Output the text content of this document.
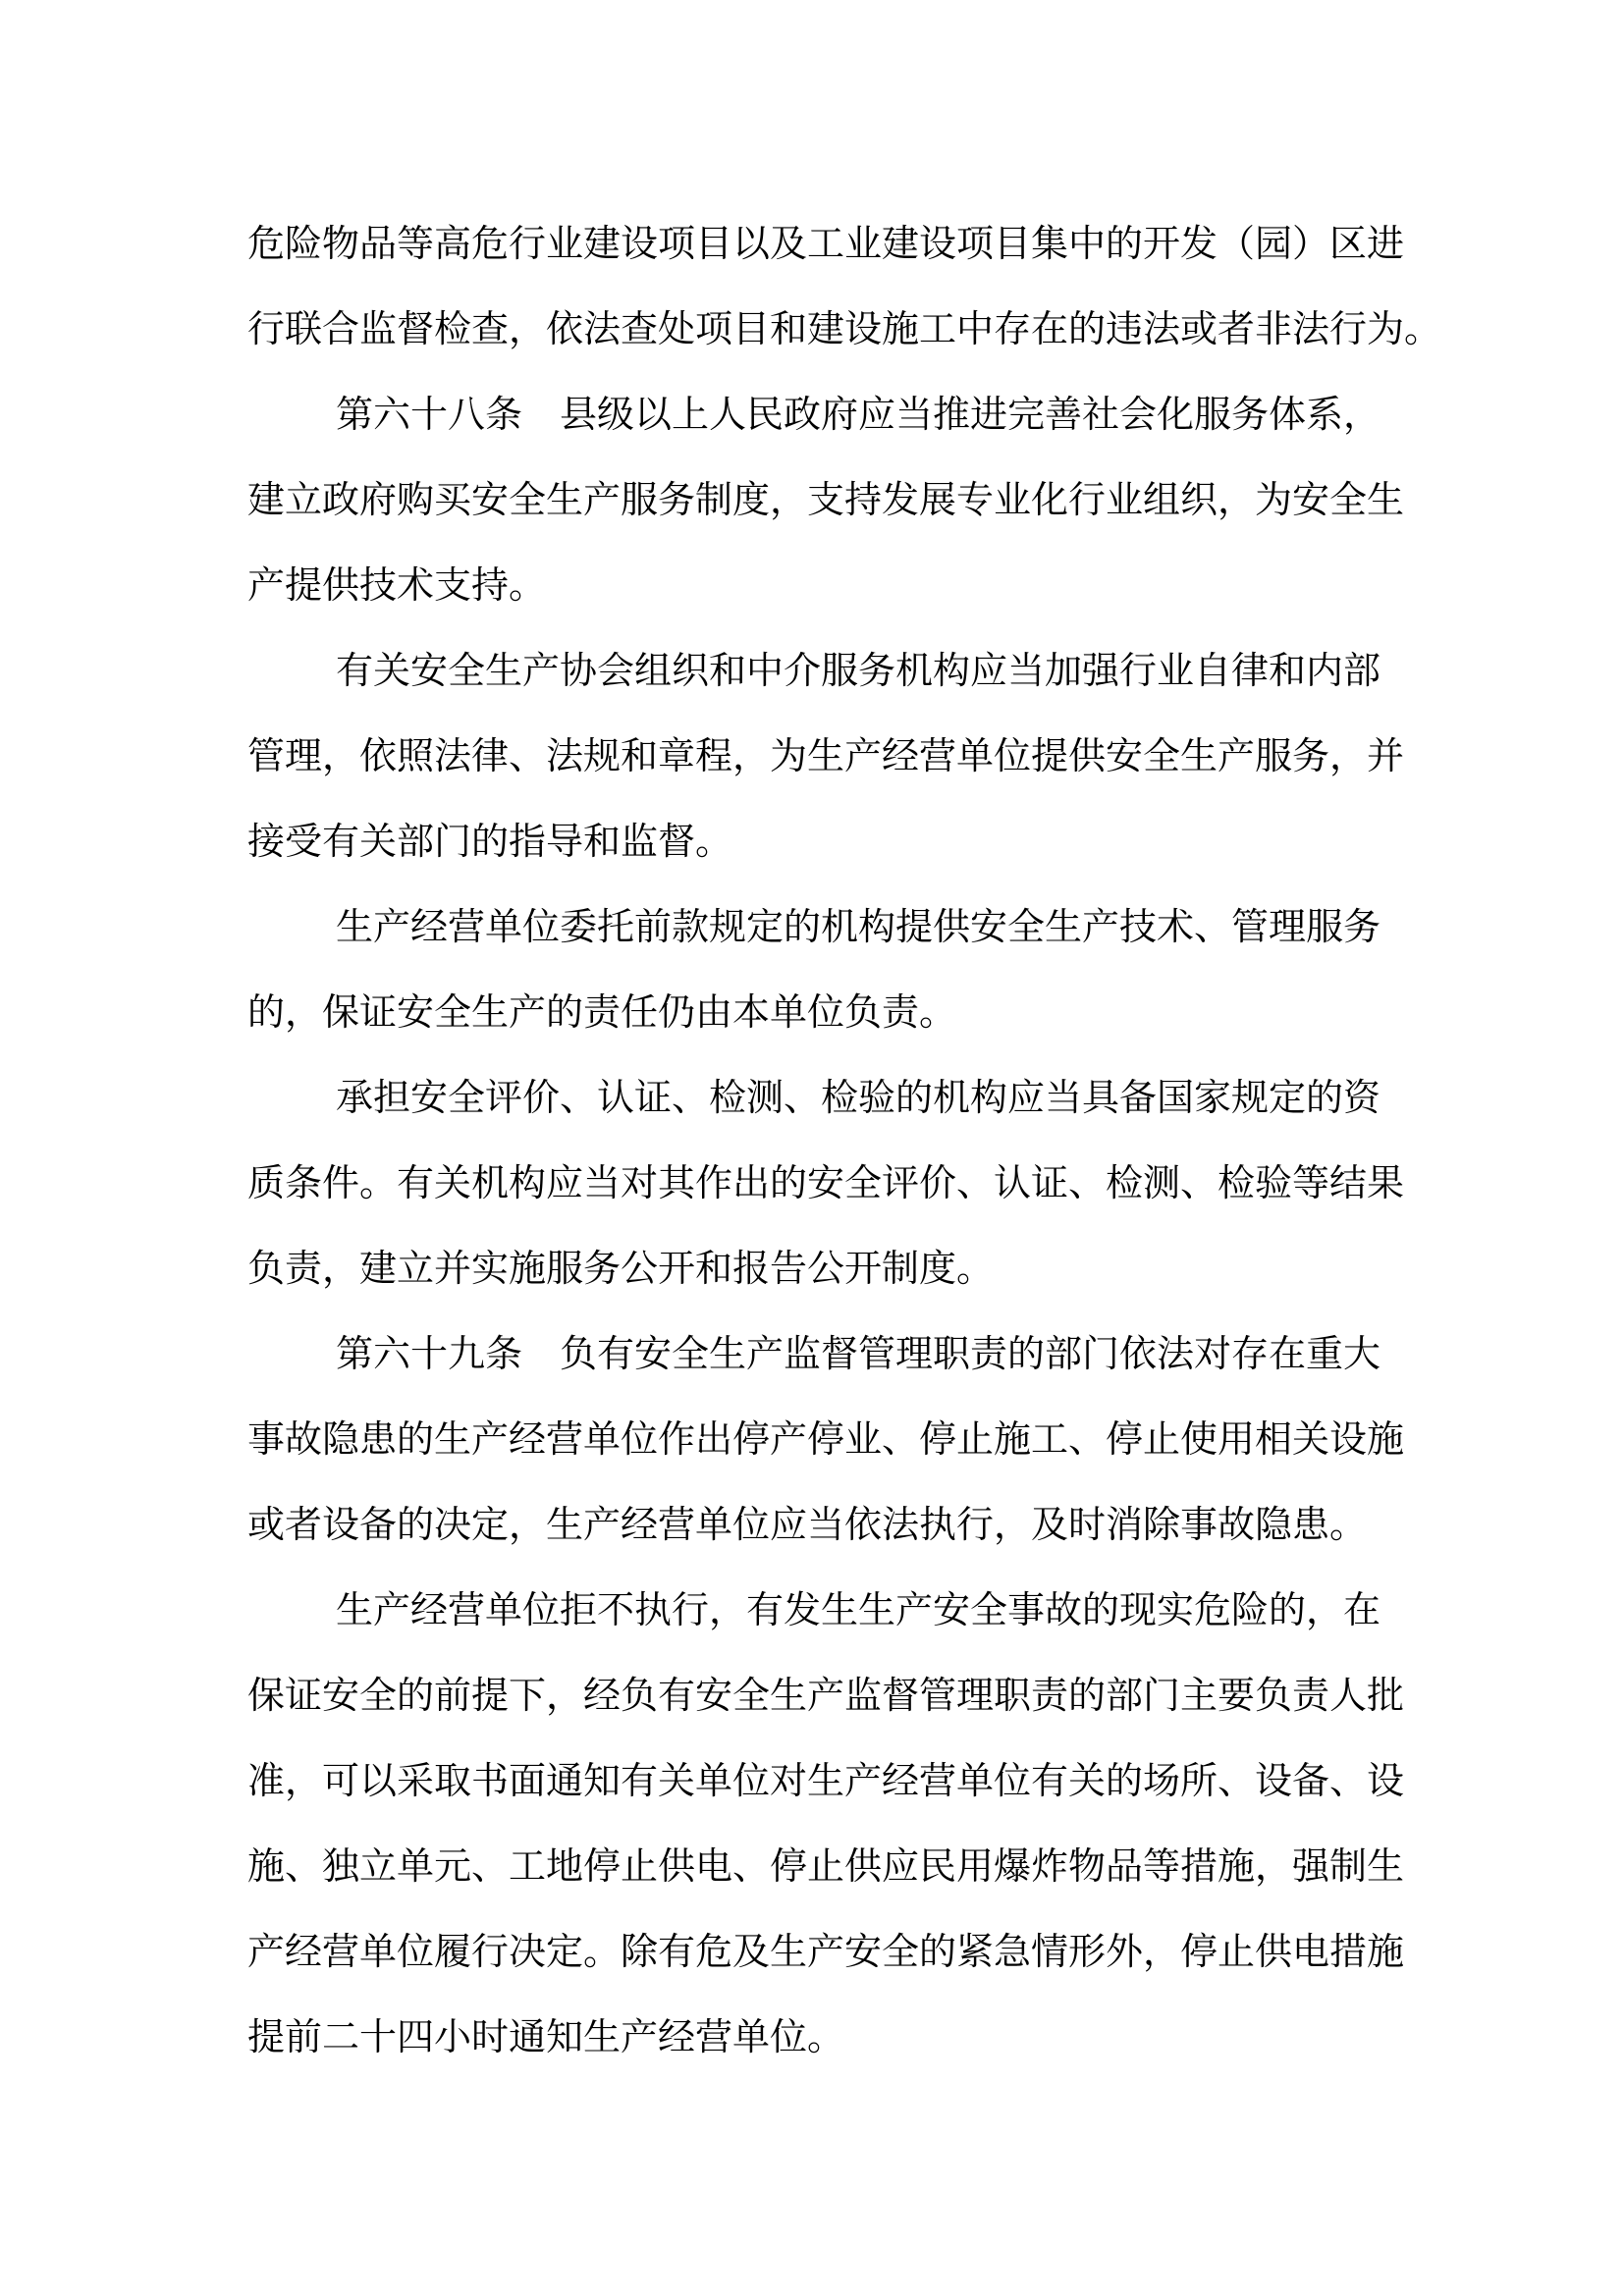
危险物品等高危行业建设项目以及工业建设项目集中的开发（园）区进

行联合监督检查，依法查处项目和建设施工中存在的违法或者非法行为。

第六十八条　县级以上人民政府应当推进完善社会化服务体系，

建立政府购买安全生产服务制度，支持发展专业化行业组织，为安全生

产提供技术支持。

有关安全生产协会组织和中介服务机构应当加强行业自律和内部

管理，依照法律、法规和章程，为生产经营单位提供安全生产服务，并

接受有关部门的指导和监督。

生产经营单位委托前款规定的机构提供安全生产技术、管理服务

的，保证安全生产的责任仍由本单位负责。

承担安全评价、认证、检测、检验的机构应当具备国家规定的资

质条件。有关机构应当对其作出的安全评价、认证、检测、检验等结果

负责，建立并实施服务公开和报告公开制度。

第六十九条　负有安全生产监督管理职责的部门依法对存在重大

事故隐患的生产经营单位作出停产停业、停止施工、停止使用相关设施

或者设备的决定，生产经营单位应当依法执行，及时消除事故隐患。

生产经营单位拒不执行，有发生生产安全事故的现实危险的，在

保证安全的前提下，经负有安全生产监督管理职责的部门主要负责人批

准，可以采取书面通知有关单位对生产经营单位有关的场所、设备、设

施、独立单元、工地停止供电、停止供应民用爆炸物品等措施，强制生

产经营单位履行决定。除有危及生产安全的紧急情形外，停止供电措施

提前二十四小时通知生产经营单位。
